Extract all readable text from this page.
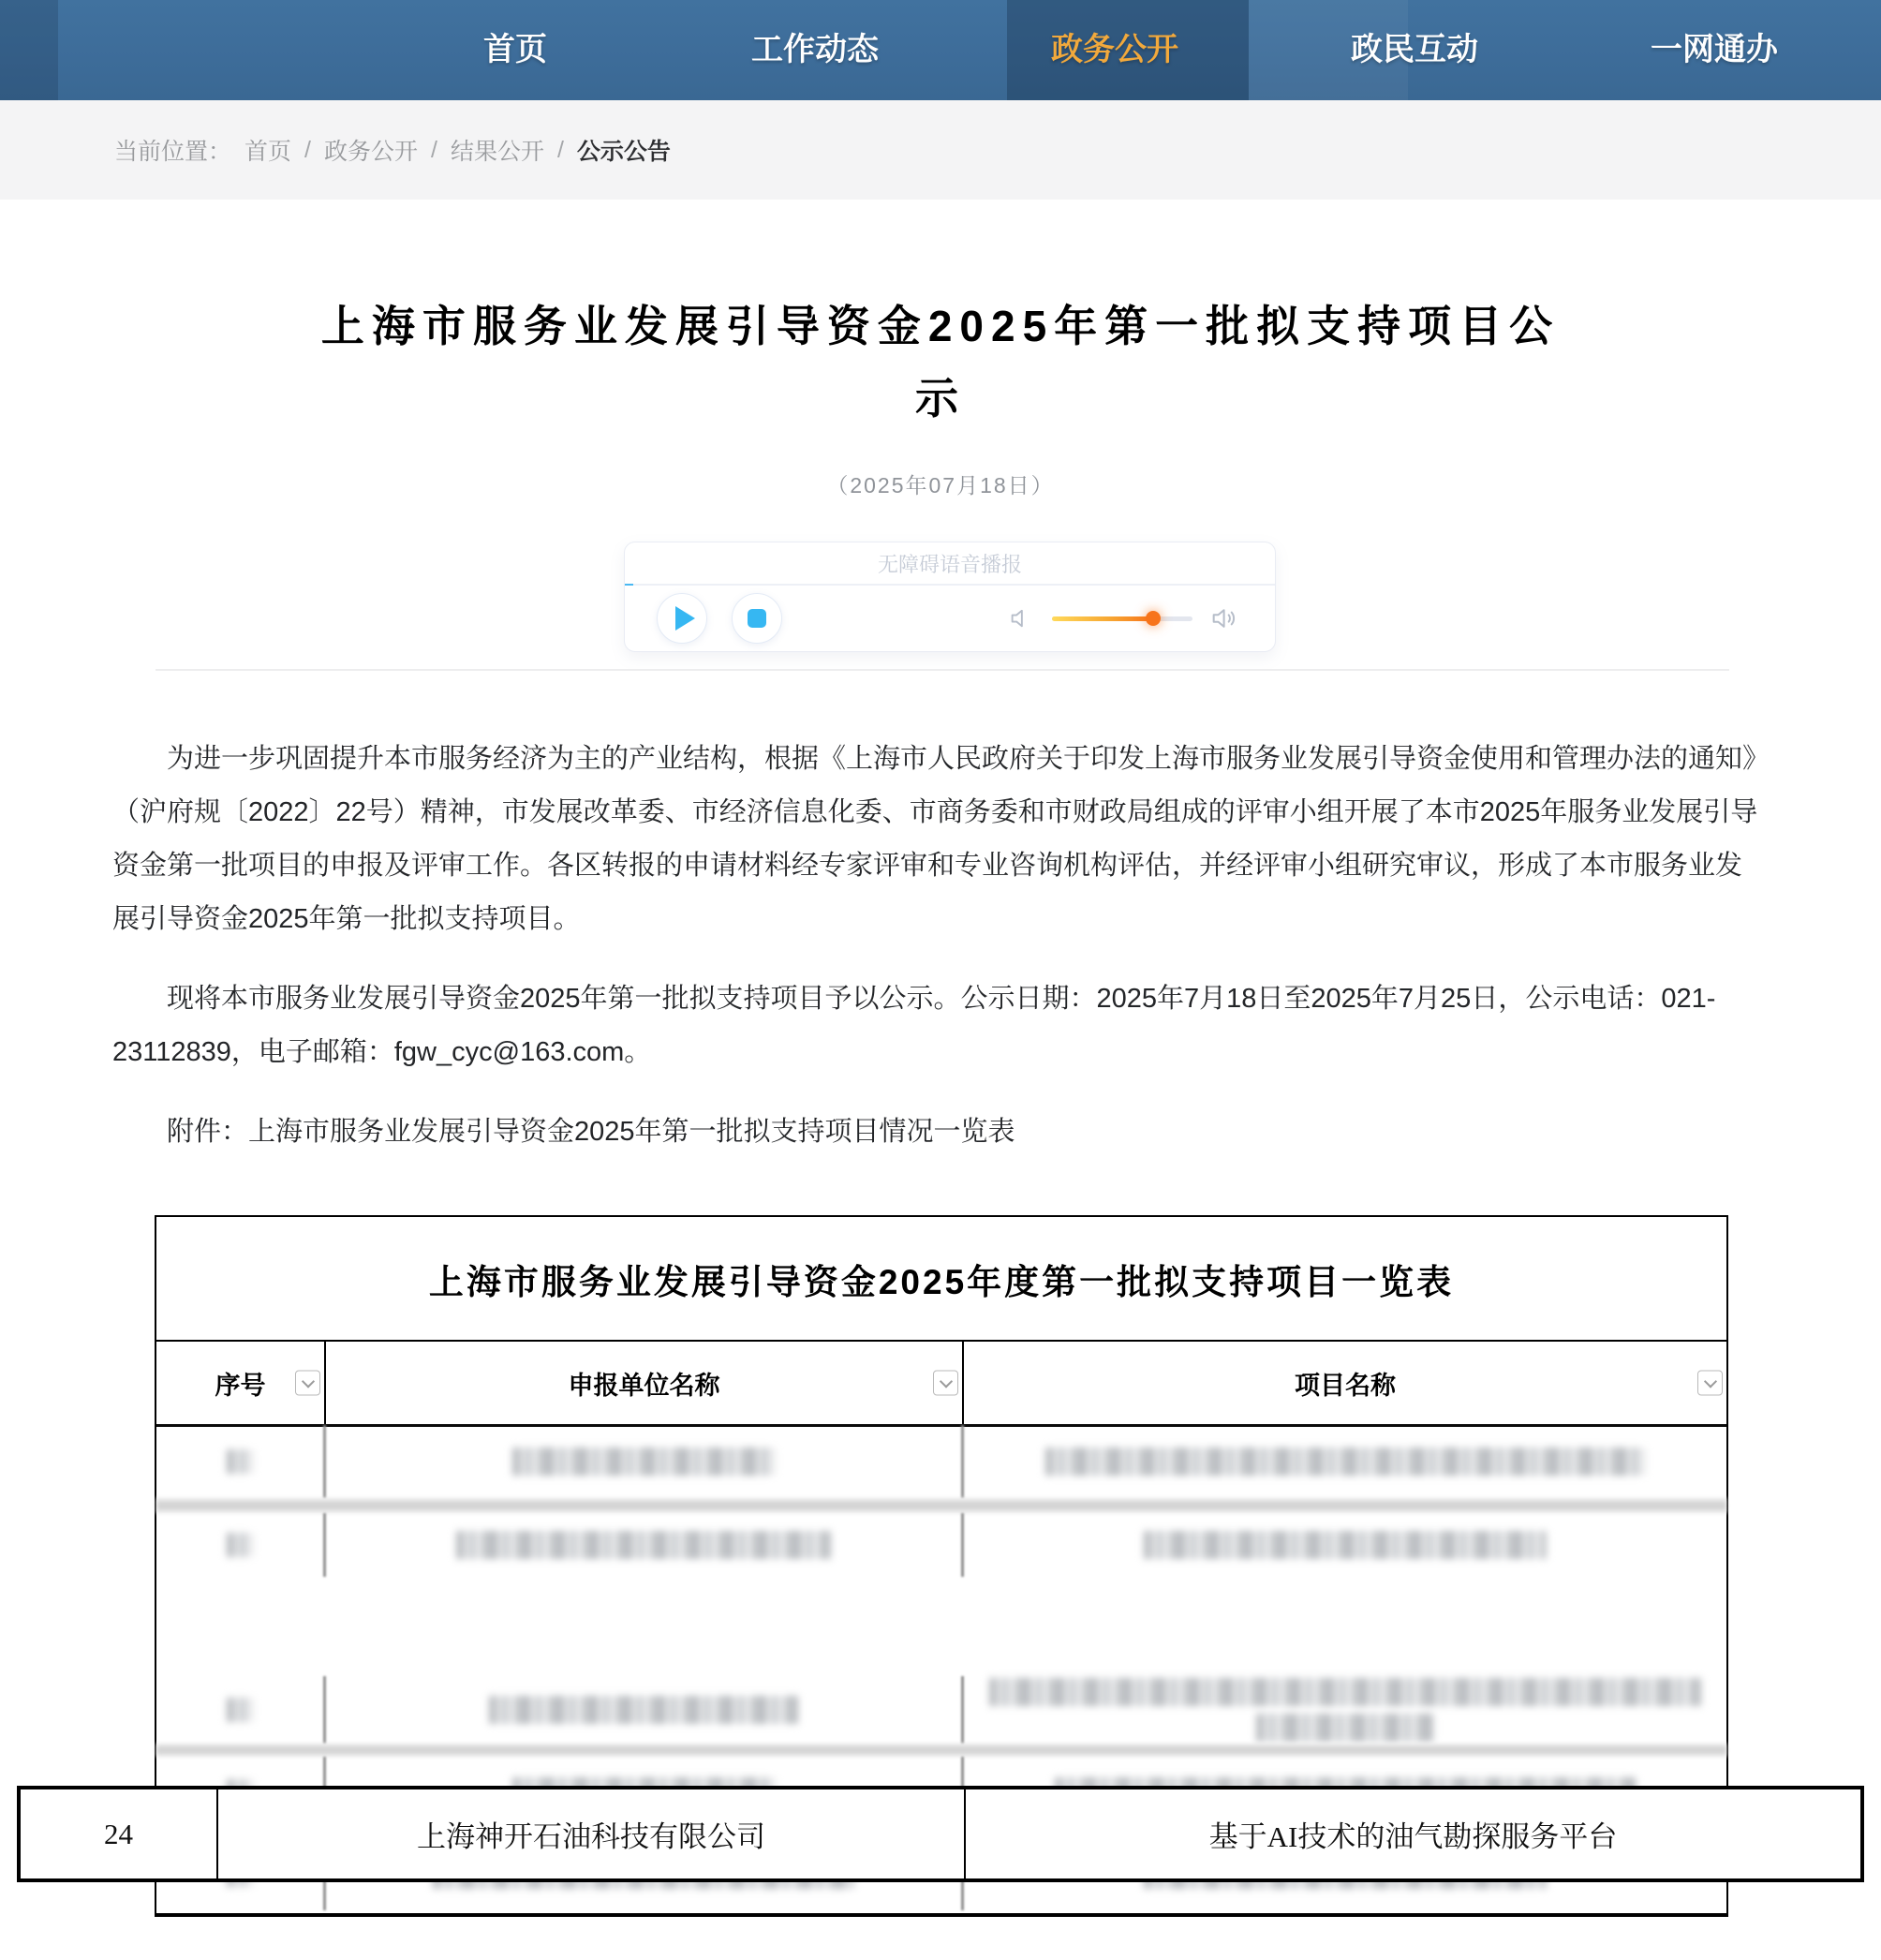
首页	工作动态	政务公开	政民互动	一网通办
当前位置： 首页 / 政务公开 / 结果公开 / 公示公告
上海市服务业发展引导资金2025年第一批拟支持项目公
示
（2025年07月18日）
无障碍语音播报

为进一步巩固提升本市服务经济为主的产业结构，根据《上海市人民政府关于印发上海市服务业发展引导资金使用和管理办法的通知》（沪府规〔2022〕22号）精神，市发展改革委、市经济信息化委、市商务委和市财政局组成的评审小组开展了本市2025年服务业发展引导资金第一批项目的申报及评审工作。各区转报的申请材料经专家评审和专业咨询机构评估，并经评审小组研究审议，形成了本市服务业发展引导资金2025年第一批拟支持项目。

现将本市服务业发展引导资金2025年第一批拟支持项目予以公示。公示日期：2025年7月18日至2025年7月25日，公示电话：021-23112839，电子邮箱：fgw_cyc@163.com。

附件：上海市服务业发展引导资金2025年第一批拟支持项目情况一览表

上海市服务业发展引导资金2025年度第一批拟支持项目一览表
序号	申报单位名称	项目名称
24	上海神开石油科技有限公司	基于AI技术的油气勘探服务平台
